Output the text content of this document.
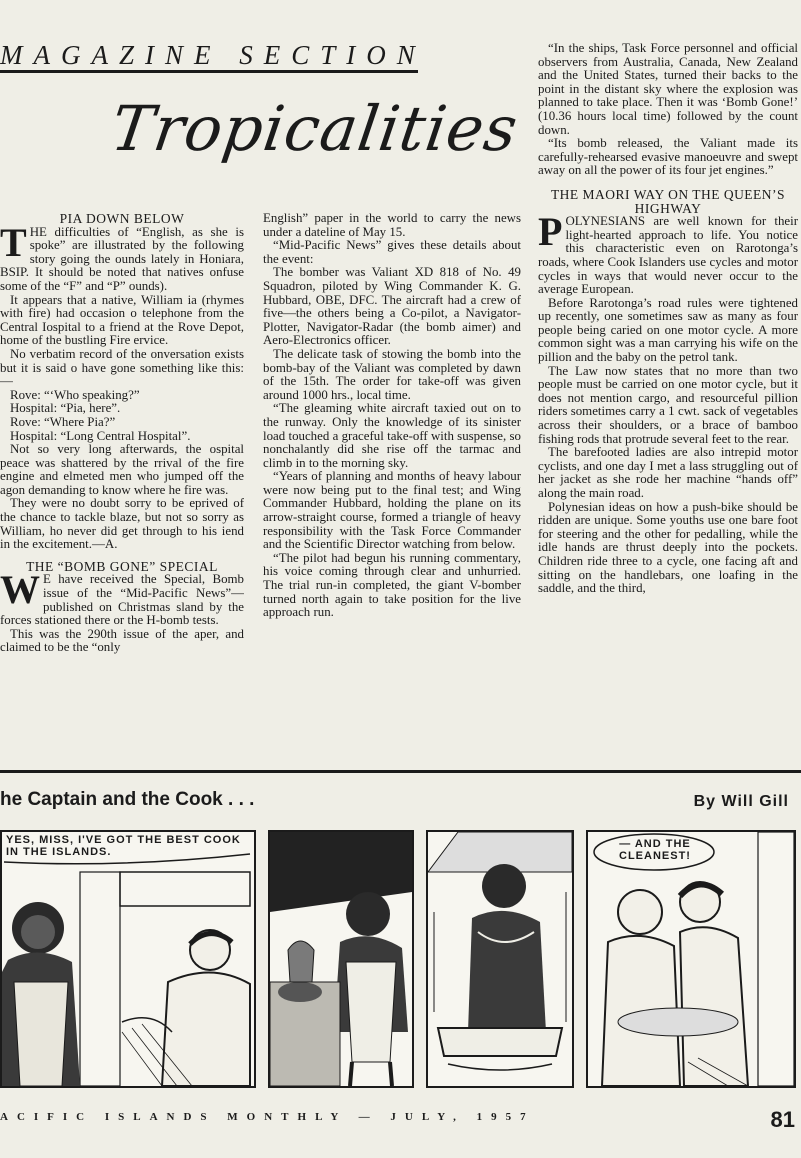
MAGAZINE SECTION
Tropicalities

PIA DOWN BELOW

THE difficulties of “English, as she is spoke” are illustrated by the following story going the ounds lately in Honiara, BSIP. It should be noted that natives onfuse some of the “F” and “P” ounds).

It appears that a native, William ia (rhymes with fire) had occasion o telephone from the Central Iospital to a friend at the Rove Depot, home of the bustling Fire ervice.

No verbatim record of the onversation exists but it is said o have gone something like this:—

Rove: “‘Who speaking?”

Hospital: “Pia, here”.

Rove: “Where Pia?”

Hospital: “Long Central Hospital”.

Not so very long afterwards, the ospital peace was shattered by the rrival of the fire engine and elmeted men who jumped off the agon demanding to know where he fire was.

They were no doubt sorry to be eprived of the chance to tackle blaze, but not so sorry as William, ho never did get through to his iend in the excitement.—A.

THE “BOMB GONE” SPECIAL

W E have received the Special, Bomb issue of the “Mid-Pacific News”—published on Christmas sland by the forces stationed there or the H-bomb tests.

This was the 290th issue of the aper, and claimed to be the “only

English” paper in the world to carry the news under a dateline of May 15.

“Mid-Pacific News” gives these details about the event:

The bomber was Valiant XD 818 of No. 49 Squadron, piloted by Wing Commander K. G. Hubbard, OBE, DFC. The aircraft had a crew of five—the others being a Co-pilot, a Navigator-Plotter, Navigator-Radar (the bomb aimer) and Aero-Electronics officer.

The delicate task of stowing the bomb into the bomb-bay of the Valiant was completed by dawn of the 15th. The order for take-off was given around 1000 hrs., local time.

“The gleaming white aircraft taxied out on to the runway. Only the knowledge of its sinister load touched a graceful take-off with suspense, so nonchalantly did she rise off the tarmac and climb in to the morning sky.

“Years of planning and months of heavy labour were now being put to the final test; and Wing Commander Hubbard, holding the plane on its arrow-straight course, formed a triangle of heavy responsibility with the Task Force Commander and the Scientific Director watching from below.

“The pilot had begun his running commentary, his voice coming through clear and unhurried. The trial run-in completed, the giant V-bomber turned north again to take position for the live approach run.

“In the ships, Task Force personnel and official observers from Australia, Canada, New Zealand and the United States, turned their backs to the point in the distant sky where the explosion was planned to take place. Then it was ‘Bomb Gone!’ (10.36 hours local time) followed by the count down.

“Its bomb released, the Valiant made its carefully-rehearsed evasive manoeuvre and swept away on all the power of its four jet engines.”

THE MAORI WAY ON THE QUEEN’S HIGHWAY

POLYNESIANS are well known for their light-hearted approach to life. You notice this characteristic even on Rarotonga’s roads, where Cook Islanders use cycles and motor cycles in ways that would never occur to the average European.

Before Rarotonga’s road rules were tightened up recently, one sometimes saw as many as four people being caried on one motor cycle. A more common sight was a man carrying his wife on the pillion and the baby on the petrol tank.

The Law now states that no more than two people must be carried on one motor cycle, but it does not mention cargo, and resourceful pillion riders sometimes carry a 1 cwt. sack of vegetables across their shoulders, or a brace of bamboo fishing rods that protrude several feet to the rear.

The barefooted ladies are also intrepid motor cyclists, and one day I met a lass struggling out of her jacket as she rode her machine “hands off” along the main road.

Polynesian ideas on how a push-bike should be ridden are unique. Some youths use one bare foot for steering and the other for pedalling, while the idle hands are thrust deeply into the pockets. Children ride three to a cycle, one facing aft and sitting on the handlebars, one loafing in the saddle, and the third,

he Captain and the Cook . . .	By Will Gill
YES, MISS, I'VE GOT THE BEST COOK IN THE ISLANDS.
— AND THE CLEANEST!
ACIFIC ISLANDS MONTHLY — JULY, 1957	81
